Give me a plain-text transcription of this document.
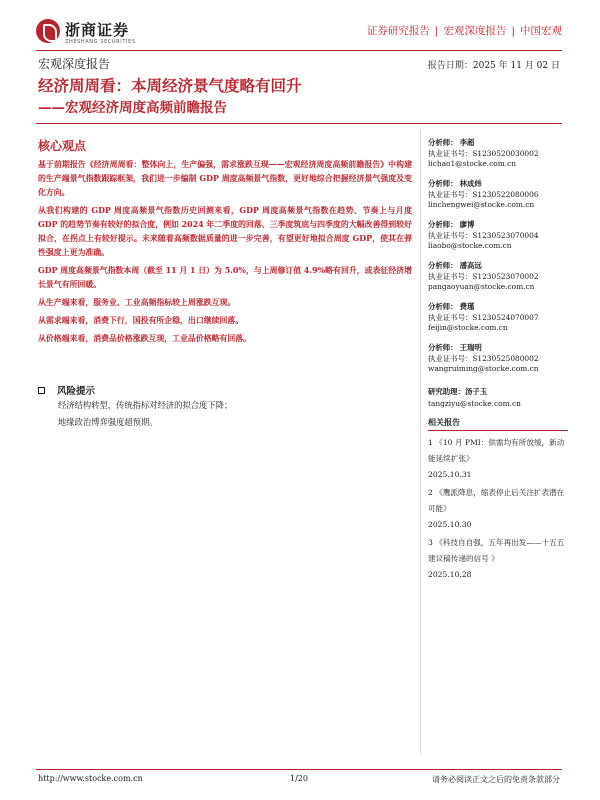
浙商证券
ZHESHANG SECURITIES
证券研究报告 | 宏观深度报告 | 中国宏观
宏观深度报告	报告日期：2025 年 11 月 02 日
经济周周看：本周经济景气度略有回升
——宏观经济周度高频前瞻报告
核心观点

基于前期报告《经济周周看：整体向上，生产偏强，需求涨跌互现——宏观经济周度高频前瞻报告》中构建的生产端景气指数跟踪框架，我们进一步编制 GDP 周度高频景气指数，更好地综合把握经济景气强度及变化方向。

从我们构建的 GDP 周度高频景气指数历史回测来看，GDP 周度高频景气指数在趋势、节奏上与月度 GDP 的趋势节奏有较好的拟合度，例如 2024 年二季度的回落、三季度筑底与四季度的大幅改善得到较好拟合，在拐点上有较好提示。未来随着高频数据质量的进一步完善，有望更好地拟合周度 GDP，使其在弹性强度上更为准确。

GDP 周度高频景气指数本周（截至 11 月 1 日）为 5.0%，与上周修订值 4.9%略有回升，或表征经济增长景气有所回暖。

从生产端来看，服务业、工业高频指标较上周涨跌互现。

从需求端来看，消费下行，国投有所企稳，出口继续回落。

从价格端来看，消费品价格涨跌互现，工业品价格略有回落。

风险提示
经济结构转型，传统指标对经济的拟合度下降；
地缘政治博弈强度超预期。
分析师： 李超
执业证书号：S1230520030002
lichao1@stocke.com.cn
分析师： 林成炜
执业证书号：S1230522080006
linchengwei@stocke.com.cn
分析师： 廖博
执业证书号：S1230523070004
liaobo@stocke.com.cn
分析师： 潘高远
执业证书号：S1230523070002
pangaoyuan@stocke.com.cn
分析师： 费瑾
执业证书号：S1230524070007
feijin@stocke.com.cn
分析师： 王瑞明
执业证书号：S1230525080002
wangruiming@stocke.com.cn
研究助理：汤子玉
tangziyu@stocke.com.cn
相关报告
1 《10 月 PMI：供需均有所放缓，新动能延续扩张》
2025.10.31
2 《鹰派降息，缩表停止后关注扩表潜在可能》
2025.10.30
3 《科技自自强，五年再出发——十五五建议稿传递的信号 》
2025.10.28
http://www.stocke.com.cn	1/20	请务必阅读正文之后的免责条款部分
